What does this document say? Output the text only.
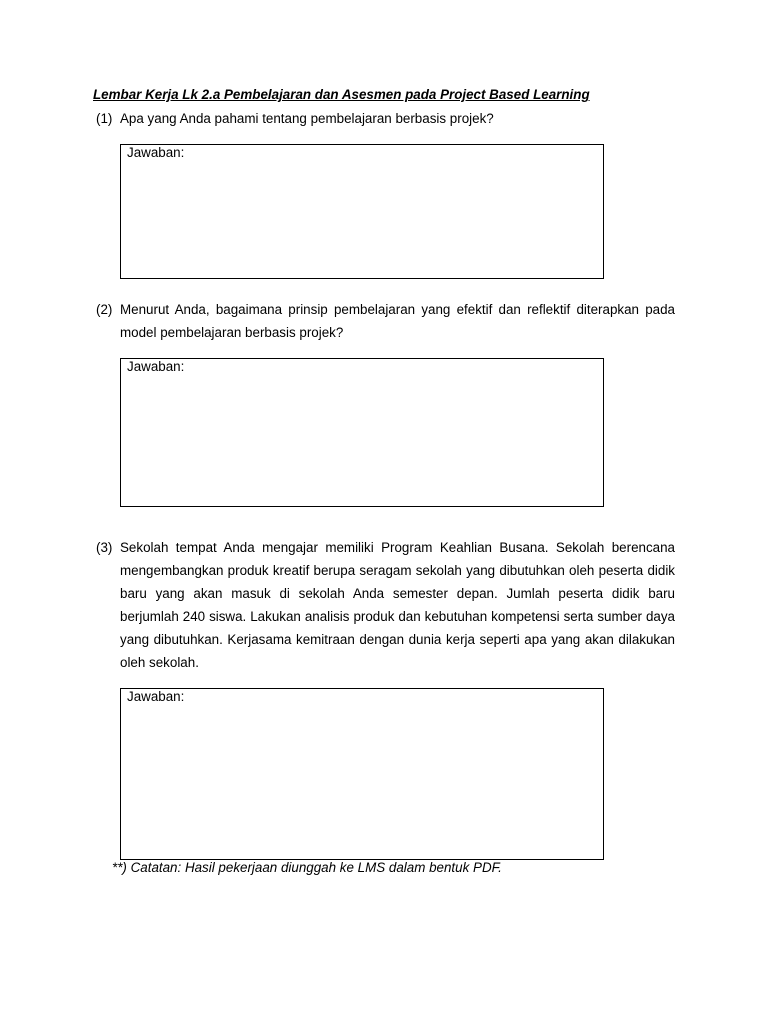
Lembar Kerja Lk 2.a Pembelajaran dan Asesmen pada Project Based Learning
(1) Apa yang Anda pahami tentang pembelajaran berbasis projek?
Jawaban:
(2) Menurut Anda, bagaimana prinsip pembelajaran yang efektif dan reflektif diterapkan pada model pembelajaran berbasis projek?
Jawaban:
(3) Sekolah tempat Anda mengajar memiliki Program Keahlian Busana. Sekolah berencana mengembangkan produk kreatif berupa seragam sekolah yang dibutuhkan oleh peserta didik baru yang akan masuk di sekolah Anda semester depan. Jumlah peserta didik baru berjumlah 240 siswa. Lakukan analisis produk dan kebutuhan kompetensi serta sumber daya yang dibutuhkan. Kerjasama kemitraan dengan dunia kerja seperti apa yang akan dilakukan oleh sekolah.
Jawaban:
**) Catatan: Hasil pekerjaan diunggah ke LMS dalam bentuk PDF.
